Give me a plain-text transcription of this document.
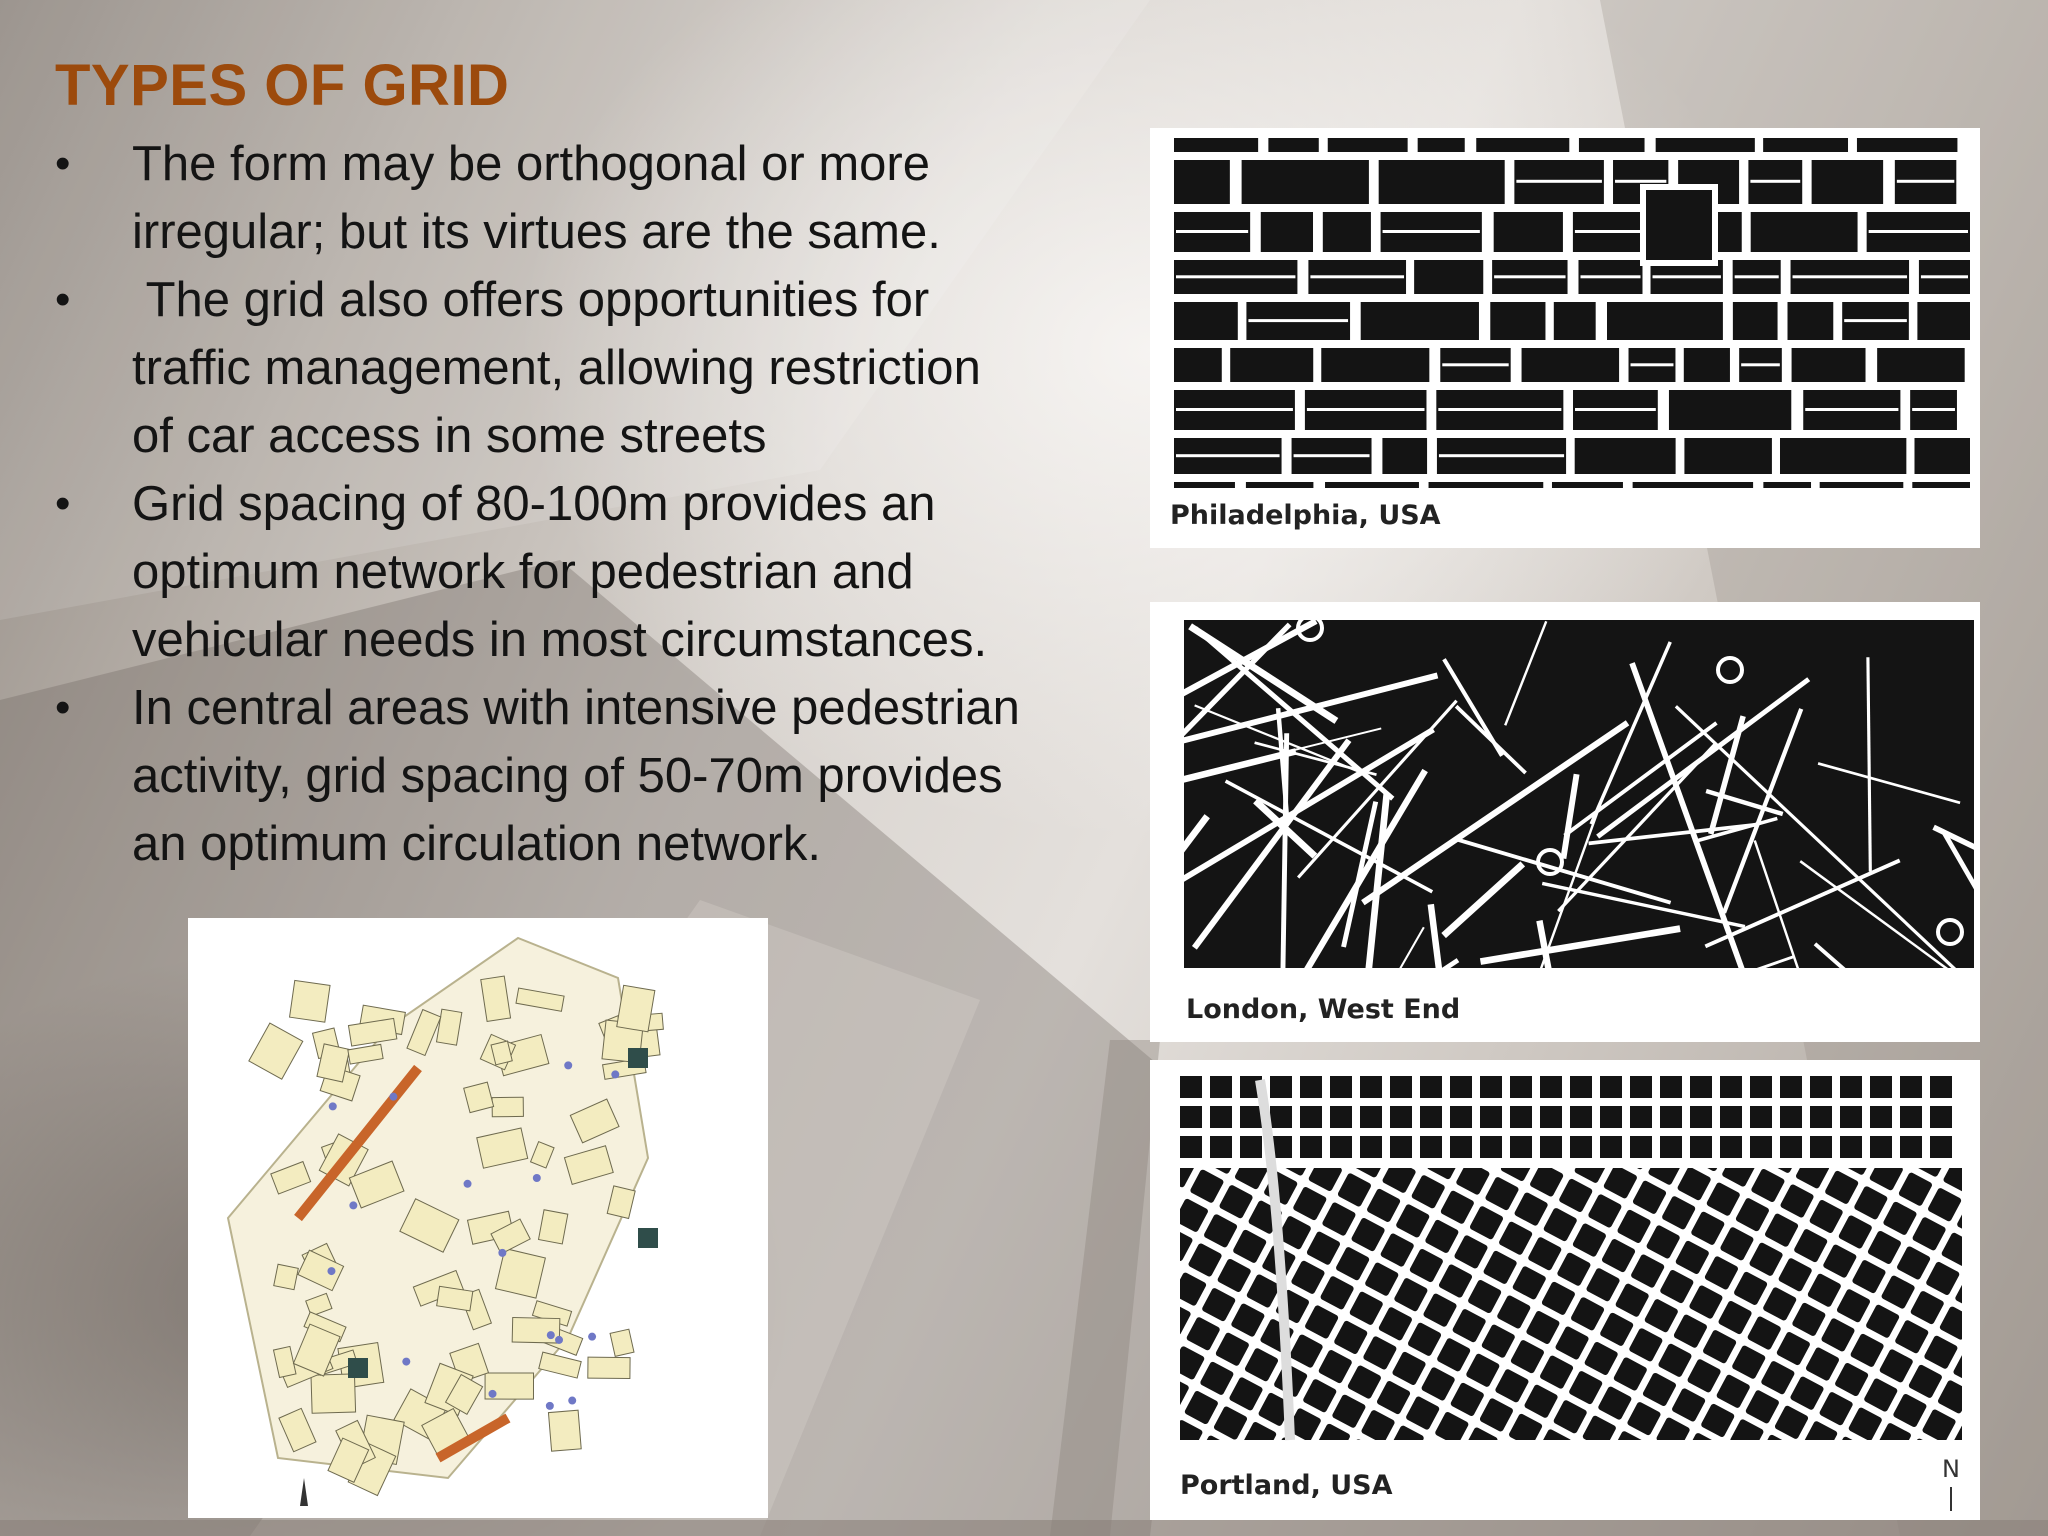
TYPES OF GRID
• The form may be orthogonal or more
irregular; but its virtues are the same.
• The grid also offers opportunities for
traffic management, allowing restriction
of car access in some streets
• Grid spacing of 80-100m provides an
optimum network for pedestrian and
vehicular needs in most circumstances.
• In central areas with intensive pedestrian
activity, grid spacing of 50-70m provides
an optimum circulation network.
Philadelphia, USA
London, West End
Portland, USA
N
